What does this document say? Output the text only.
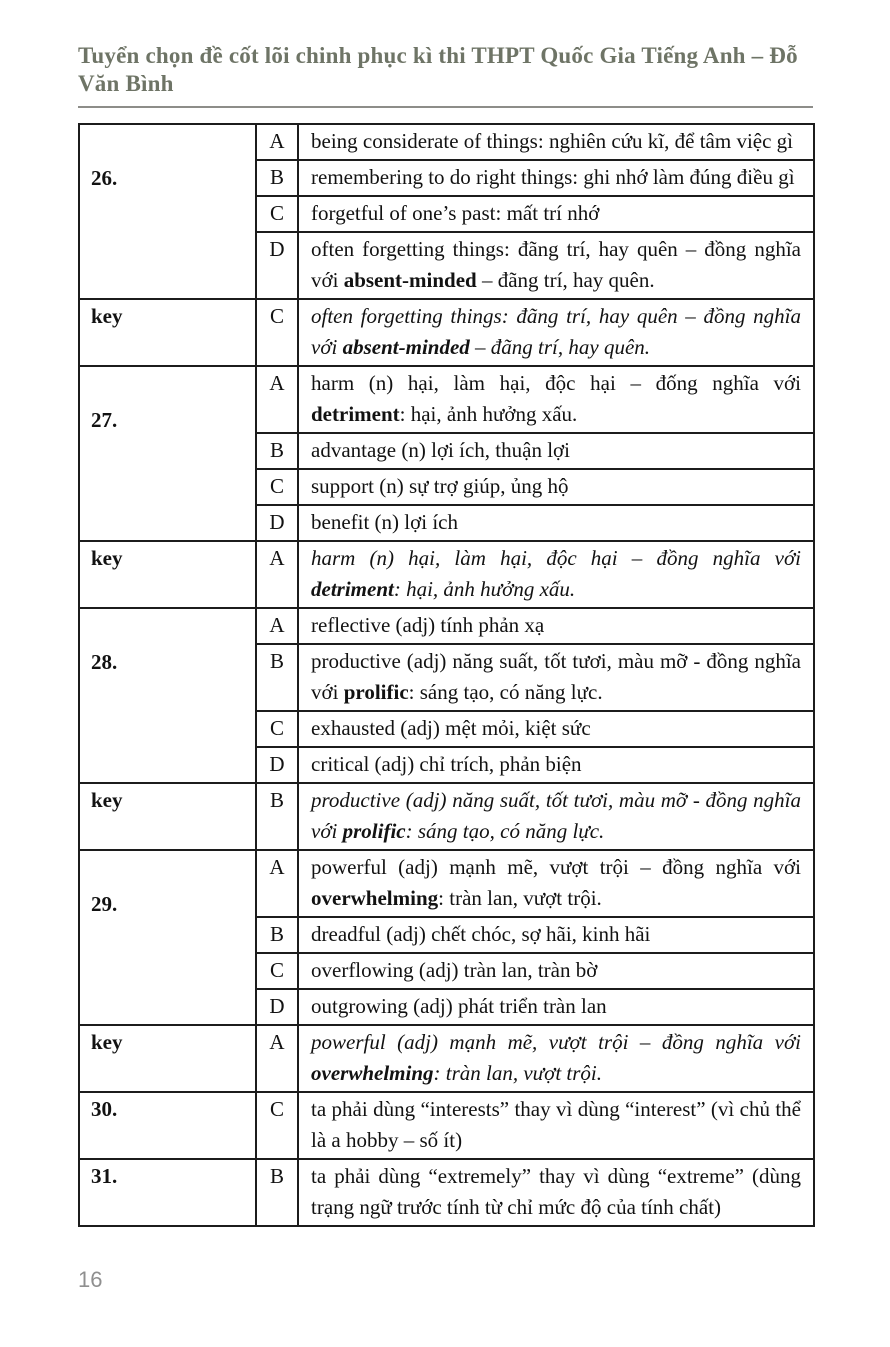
Tuyển chọn đề cốt lõi chinh phục kì thi THPT Quốc Gia Tiếng Anh – Đỗ Văn Bình
26.	A	being considerate of things: nghiên cứu kĩ, để tâm việc gì
	B	remembering to do right things: ghi nhớ làm đúng điều gì
	C	forgetful of one’s past: mất trí nhớ
	D	often forgetting things: đãng trí, hay quên – đồng nghĩa với absent-minded – đãng trí, hay quên.
key	C	often forgetting things: đãng trí, hay quên – đồng nghĩa với absent-minded – đãng trí, hay quên.
27.	A	harm (n) hại, làm hại, độc hại – đống nghĩa với detriment: hại, ảnh hưởng xấu.
	B	advantage (n) lợi ích, thuận lợi
	C	support (n) sự trợ giúp, ủng hộ
	D	benefit (n) lợi ích
key	A	harm (n) hại, làm hại, độc hại – đồng nghĩa với detriment: hại, ảnh hưởng xấu.
28.	A	reflective (adj) tính phản xạ
	B	productive (adj) năng suất, tốt tươi, màu mỡ - đồng nghĩa với prolific: sáng tạo, có năng lực.
	C	exhausted (adj) mệt mỏi, kiệt sức
	D	critical (adj) chỉ trích, phản biện
key	B	productive (adj) năng suất, tốt tươi, màu mỡ - đồng nghĩa với prolific: sáng tạo, có năng lực.
29.	A	powerful (adj) mạnh mẽ, vượt trội – đồng nghĩa với overwhelming: tràn lan, vượt trội.
	B	dreadful (adj) chết chóc, sợ hãi, kinh hãi
	C	overflowing (adj) tràn lan, tràn bờ
	D	outgrowing (adj) phát triển tràn lan
key	A	powerful (adj) mạnh mẽ, vượt trội – đồng nghĩa với overwhelming: tràn lan, vượt trội.
30.	C	ta phải dùng “interests” thay vì dùng “interest” (vì chủ thể là a hobby – số ít)
31.	B	ta phải dùng “extremely” thay vì dùng “extreme” (dùng trạng ngữ trước tính từ chỉ mức độ của tính chất)
16
